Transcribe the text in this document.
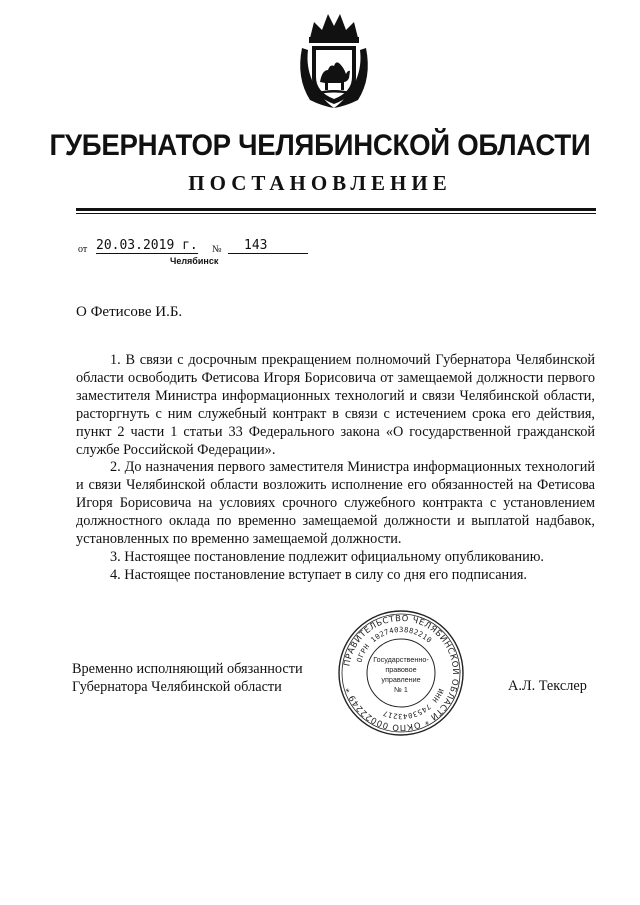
ГУБЕРНАТОР ЧЕЛЯБИНСКОЙ ОБЛАСТИ
ПОСТАНОВЛЕНИЕ
от 20.03.2019 г. №	143
Челябинск
О Фетисове И.Б.

1. В связи с досрочным прекращением полномочий Губернатора Челябинской области освободить Фетисова Игоря Борисовича от замещаемой должности первого заместителя Министра информационных технологий и связи Челябинской области, расторгнуть с ним служебный контракт в связи с истечением срока его действия, пункт 2 части 1 статьи 33 Федерального закона «О государственной гражданской службе Российской Федерации».

2. До назначения первого заместителя Министра информационных технологий и связи Челябинской области возложить исполнение его обязанностей на Фетисова Игоря Борисовича на условиях срочного служебного контракта с установлением должностного оклада по временно замещаемой должности и выплатой надбавок, установленных по временно замещаемой должности.

3. Настоящее постановление подлежит официальному опубликованию.

4. Настоящее постановление вступает в силу со дня его подписания.

Временно исполняющий обязанности
Губернатора Челябинской области	А.Л. Текслер
ПРАВИТЕЛЬСТВО ЧЕЛЯБИНСКОЙ ОБЛАСТИ * ОКПО 00022249 *
ОГРН 1027403882210
ИНН 7453043217
Государственно-
правовое
управление
№ 1
